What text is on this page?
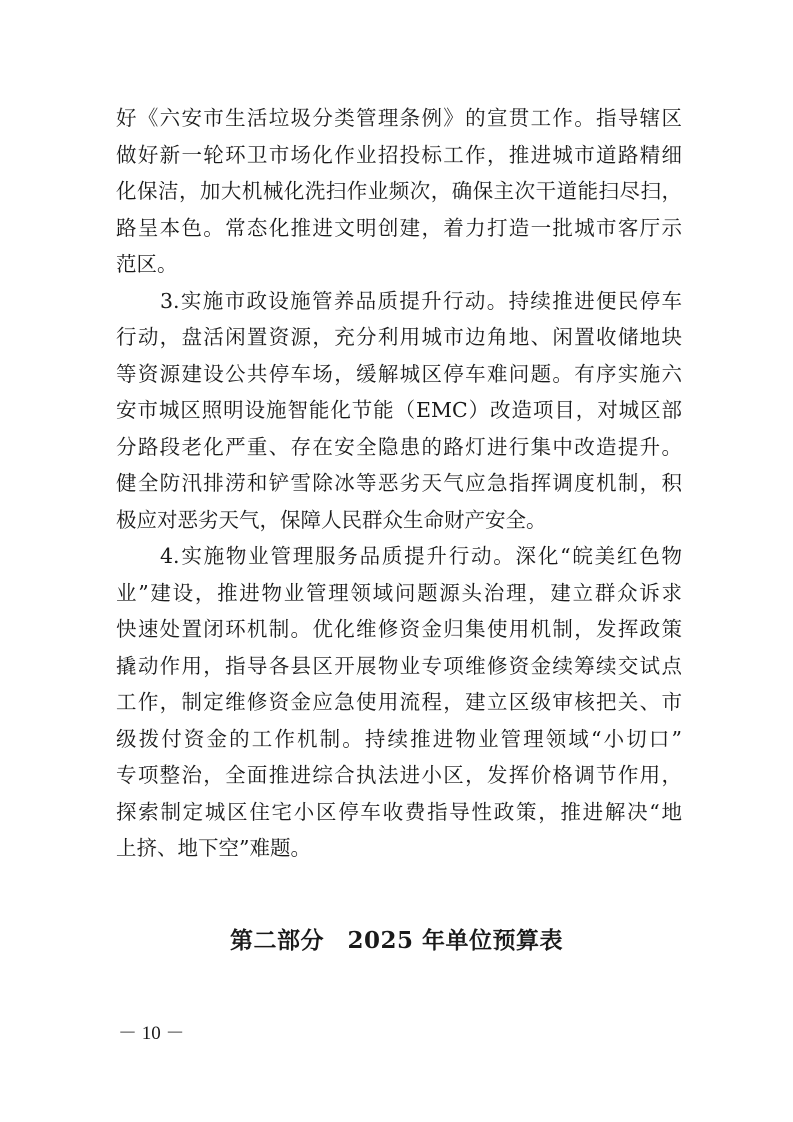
好《六安市生活垃圾分类管理条例》的宣贯工作。指导辖区
做好新一轮环卫市场化作业招投标工作，推进城市道路精细
化保洁，加大机械化洗扫作业频次，确保主次干道能扫尽扫，
路呈本色。常态化推进文明创建，着力打造一批城市客厅示
范区。
3.实施市政设施管养品质提升行动。持续推进便民停车
行动，盘活闲置资源，充分利用城市边角地、闲置收储地块
等资源建设公共停车场，缓解城区停车难问题。有序实施六
安市城区照明设施智能化节能（EMC）改造项目，对城区部
分路段老化严重、存在安全隐患的路灯进行集中改造提升。
健全防汛排涝和铲雪除冰等恶劣天气应急指挥调度机制，积
极应对恶劣天气，保障人民群众生命财产安全。
4.实施物业管理服务品质提升行动。深化“皖美红色物
业”建设，推进物业管理领域问题源头治理，建立群众诉求
快速处置闭环机制。优化维修资金归集使用机制，发挥政策
撬动作用，指导各县区开展物业专项维修资金续筹续交试点
工作，制定维修资金应急使用流程，建立区级审核把关、市
级拨付资金的工作机制。持续推进物业管理领域“小切口”
专项整治，全面推进综合执法进小区，发挥价格调节作用，
探索制定城区住宅小区停车收费指导性政策，推进解决“地
上挤、地下空”难题。
第二部分　2025 年单位预算表
－ 10 －
